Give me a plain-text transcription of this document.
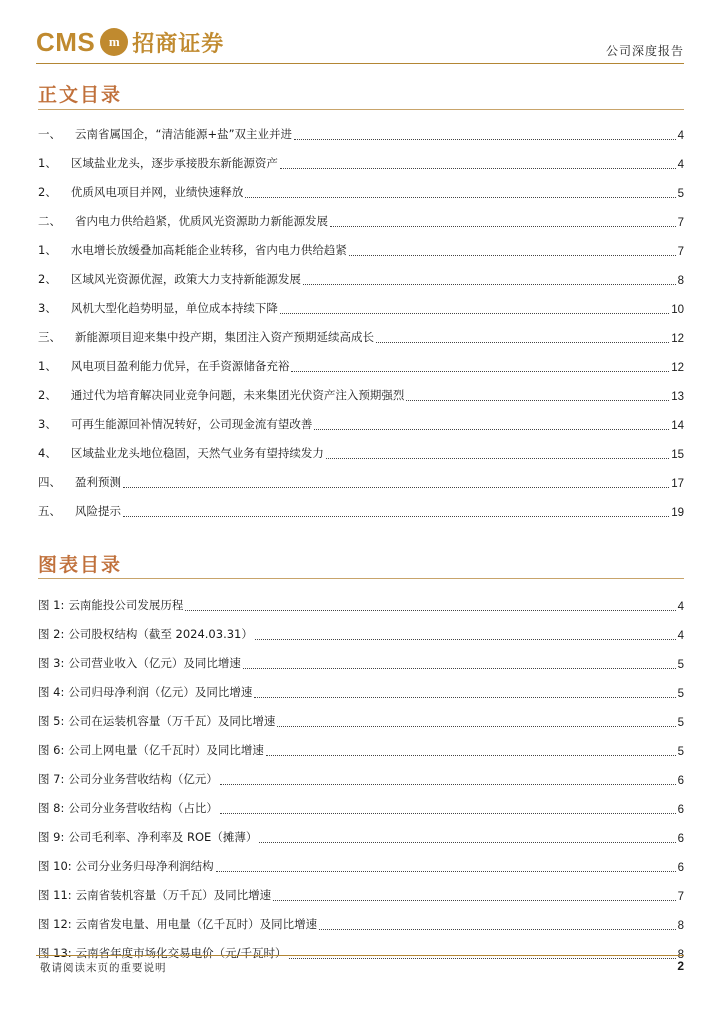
CMS	m 招商证券	公司深度报告
正文目录
一、 云南省属国企，“清洁能源+盐”双主业并进	4
1、 区域盐业龙头，逐步承接股东新能源资产	4
2、 优质风电项目并网，业绩快速释放	5
二、 省内电力供给趋紧，优质风光资源助力新能源发展	7
1、 水电增长放缓叠加高耗能企业转移，省内电力供给趋紧	7
2、 区域风光资源优渥，政策大力支持新能源发展	8
3、 风机大型化趋势明显，单位成本持续下降	10
三、 新能源项目迎来集中投产期，集团注入资产预期延续高成长	12
1、 风电项目盈利能力优异，在手资源储备充裕	12
2、 通过代为培育解决同业竞争问题，未来集团光伏资产注入预期强烈	13
3、 可再生能源回补情况转好，公司现金流有望改善	14
4、 区域盐业龙头地位稳固，天然气业务有望持续发力	15
四、 盈利预测	17
五、 风险提示	19
图表目录
图 1: 云南能投公司发展历程	4
图 2: 公司股权结构（截至 2024.03.31）	4
图 3: 公司营业收入（亿元）及同比增速	5
图 4: 公司归母净利润（亿元）及同比增速	5
图 5: 公司在运装机容量（万千瓦）及同比增速	5
图 6: 公司上网电量（亿千瓦时）及同比增速	5
图 7: 公司分业务营收结构（亿元）	6
图 8: 公司分业务营收结构（占比）	6
图 9: 公司毛利率、净利率及 ROE（摊薄）	6
图 10: 公司分业务归母净利润结构	6
图 11: 云南省装机容量（万千瓦）及同比增速	7
图 12: 云南省发电量、用电量（亿千瓦时）及同比增速	8
图 13: 云南省年度市场化交易电价（元/千瓦时）	8
敬请阅读末页的重要说明	2
